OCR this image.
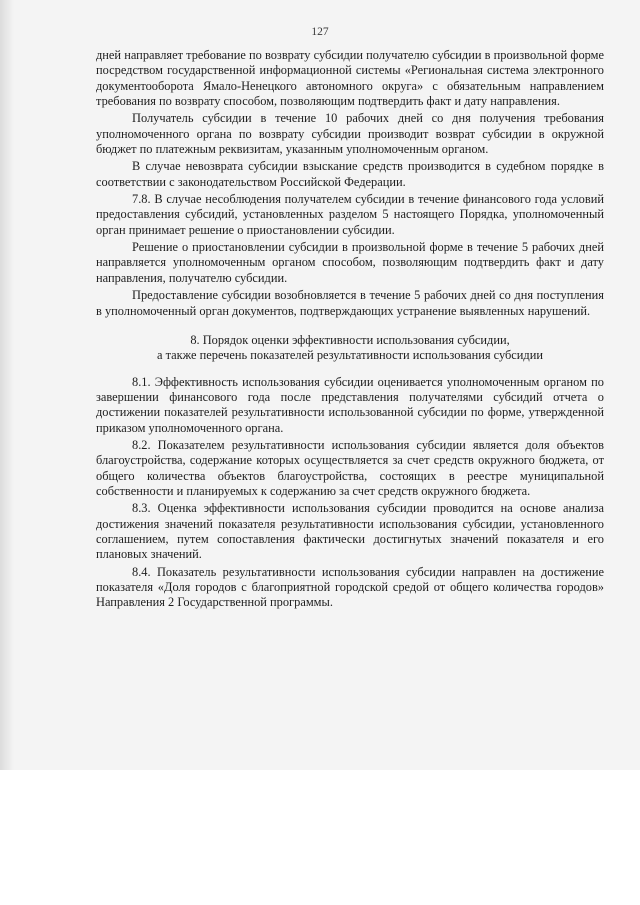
127

дней направляет требование по возврату субсидии получателю субсидии в произвольной форме посредством государственной информационной системы «Региональная система электронного документооборота Ямало-Ненецкого автономного округа» с обязательным направлением требования по возврату способом, позволяющим подтвердить факт и дату направления.

Получатель субсидии в течение 10 рабочих дней со дня получения требования уполномоченного органа по возврату субсидии производит возврат субсидии в окружной бюджет по платежным реквизитам, указанным уполномоченным органом.

В случае невозврата субсидии взыскание средств производится в судебном порядке в соответствии с законодательством Российской Федерации.

7.8. В случае несоблюдения получателем субсидии в течение финансового года условий предоставления субсидий, установленных разделом 5 настоящего Порядка, уполномоченный орган принимает решение о приостановлении субсидии.

Решение о приостановлении субсидии в произвольной форме в течение 5 рабочих дней направляется уполномоченным органом способом, позволяющим подтвердить факт и дату направления, получателю субсидии.

Предоставление субсидии возобновляется в течение 5 рабочих дней со дня поступления в уполномоченный орган документов, подтверждающих устранение выявленных нарушений.

8. Порядок оценки эффективности использования субсидии,
а также перечень показателей результативности использования субсидии

8.1. Эффективность использования субсидии оценивается уполномоченным органом по завершении финансового года после представления получателями субсидий отчета о достижении показателей результативности использованной субсидии по форме, утвержденной приказом уполномоченного органа.

8.2. Показателем результативности использования субсидии является доля объектов благоустройства, содержание которых осуществляется за счет средств окружного бюджета, от общего количества объектов благоустройства, состоящих в реестре муниципальной собственности и планируемых к содержанию за счет средств окружного бюджета.

8.3. Оценка эффективности использования субсидии проводится на основе анализа достижения значений показателя результативности использования субсидии, установленного соглашением, путем сопоставления фактически достигнутых значений показателя и его плановых значений.

8.4. Показатель результативности использования субсидии направлен на достижение показателя «Доля городов с благоприятной городской средой от общего количества городов» Направления 2 Государственной программы.
